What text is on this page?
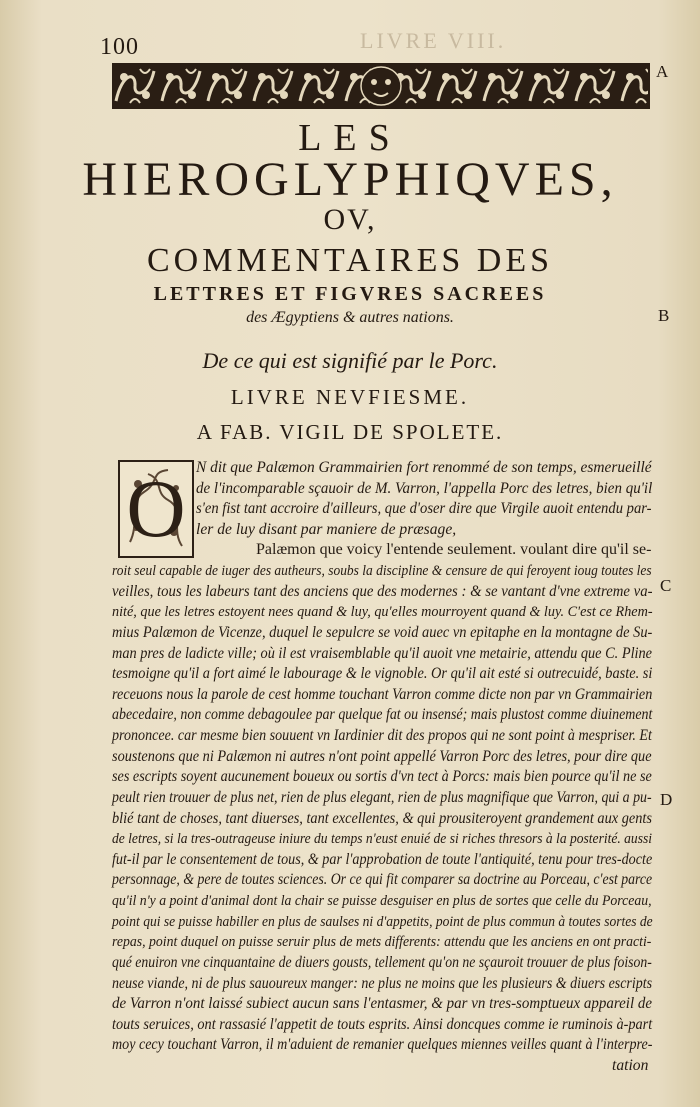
100	LIVRE VIII.
A
B
C
D
LES
HIEROGLYPHIQVES,
OV,
COMMENTAIRES DES
LETTRES ET FIGVRES SACREES
des Ægyptiens & autres nations.
De ce qui est signifié par le Porc.
LIVRE NEVFIESME.
A FAB. VIGIL DE SPOLETE.
O N dit que Palæmon Grammairien fort renommé de son temps, esmerueillé
de l'incomparable sçauoir de M. Varron, l'appella Porc des letres, bien qu'il
s'en fist tant accroire d'ailleurs, que d'oser dire que Virgile auoit entendu par-
ler de luy disant par maniere de præsage,
Palæmon que voicy l'entende seulement. voulant dire qu'il se-
roit seul capable de iuger des autheurs, soubs la discipline & censure de qui feroyent ioug toutes les
veilles, tous les labeurs tant des anciens que des modernes : & se vantant d'vne extreme va-
nité, que les letres estoyent nees quand & luy, qu'elles mourroyent quand & luy. C'est ce Rhem-
mius Palæmon de Vicenze, duquel le sepulcre se void auec vn epitaphe en la montagne de Su-
man pres de ladicte ville; où il est vraisemblable qu'il auoit vne metairie, attendu que C. Pline
tesmoigne qu'il a fort aimé le labourage & le vignoble. Or qu'il ait esté si outrecuidé, baste. si
receuons nous la parole de cest homme touchant Varron comme dicte non par vn Grammairien
abecedaire, non comme debagoulee par quelque fat ou insensé; mais plustost comme diuinement
prononcee. car mesme bien souuent vn Iardinier dit des propos qui ne sont point à mespriser. Et
soustenons que ni Palæmon ni autres n'ont point appellé Varron Porc des letres, pour dire que
ses escripts soyent aucunement boueux ou sortis d'vn tect à Porcs: mais bien pource qu'il ne se
peult rien trouuer de plus net, rien de plus elegant, rien de plus magnifique que Varron, qui a pu-
blié tant de choses, tant diuerses, tant excellentes, & qui prousiteroyent grandement aux gents
de letres, si la tres-outrageuse iniure du temps n'eust enuié de si riches thresors à la posterité. aussi
fut-il par le consentement de tous, & par l'approbation de toute l'antiquité, tenu pour tres-docte
personnage, & pere de toutes sciences. Or ce qui fit comparer sa doctrine au Porceau, c'est parce
qu'il n'y a point d'animal dont la chair se puisse desguiser en plus de sortes que celle du Porceau,
point qui se puisse habiller en plus de saulses ni d'appetits, point de plus commun à toutes sortes de
repas, point duquel on puisse seruir plus de mets differents: attendu que les anciens en ont practi-
qué enuiron vne cinquantaine de diuers gousts, tellement qu'on ne sçauroit trouuer de plus foison-
neuse viande, ni de plus sauoureux manger: ne plus ne moins que les plusieurs & diuers escripts
de Varron n'ont laissé subiect aucun sans l'entasmer, & par vn tres-somptueux appareil de
touts seruices, ont rassasié l'appetit de touts esprits. Ainsi doncques comme ie ruminois à-part
moy cecy touchant Varron, il m'aduient de remanier quelques miennes veilles quant à l'interpre-
tation
